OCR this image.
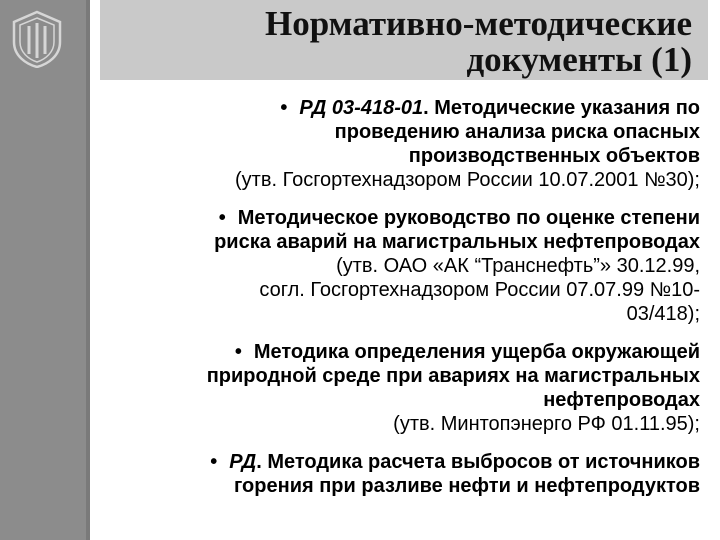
Нормативно-методические
документы (1)
• РД 03-418-01. Методические указания по
проведению анализа риска опасных
производственных объектов
(утв. Госгортехнадзором России 10.07.2001 №30);
• Методическое руководство по оценке степени
риска аварий на магистральных нефтепроводах
(утв. ОАО «АК “Транснефть”» 30.12.99,
согл. Госгортехнадзором России 07.07.99 №10-
03/418);
• Методика определения ущерба окружающей
природной среде при авариях на магистральных
нефтепроводах
(утв. Минтопэнерго РФ 01.11.95);
• РД. Методика расчета выбросов от источников
горения при разливе нефти и нефтепродуктов
